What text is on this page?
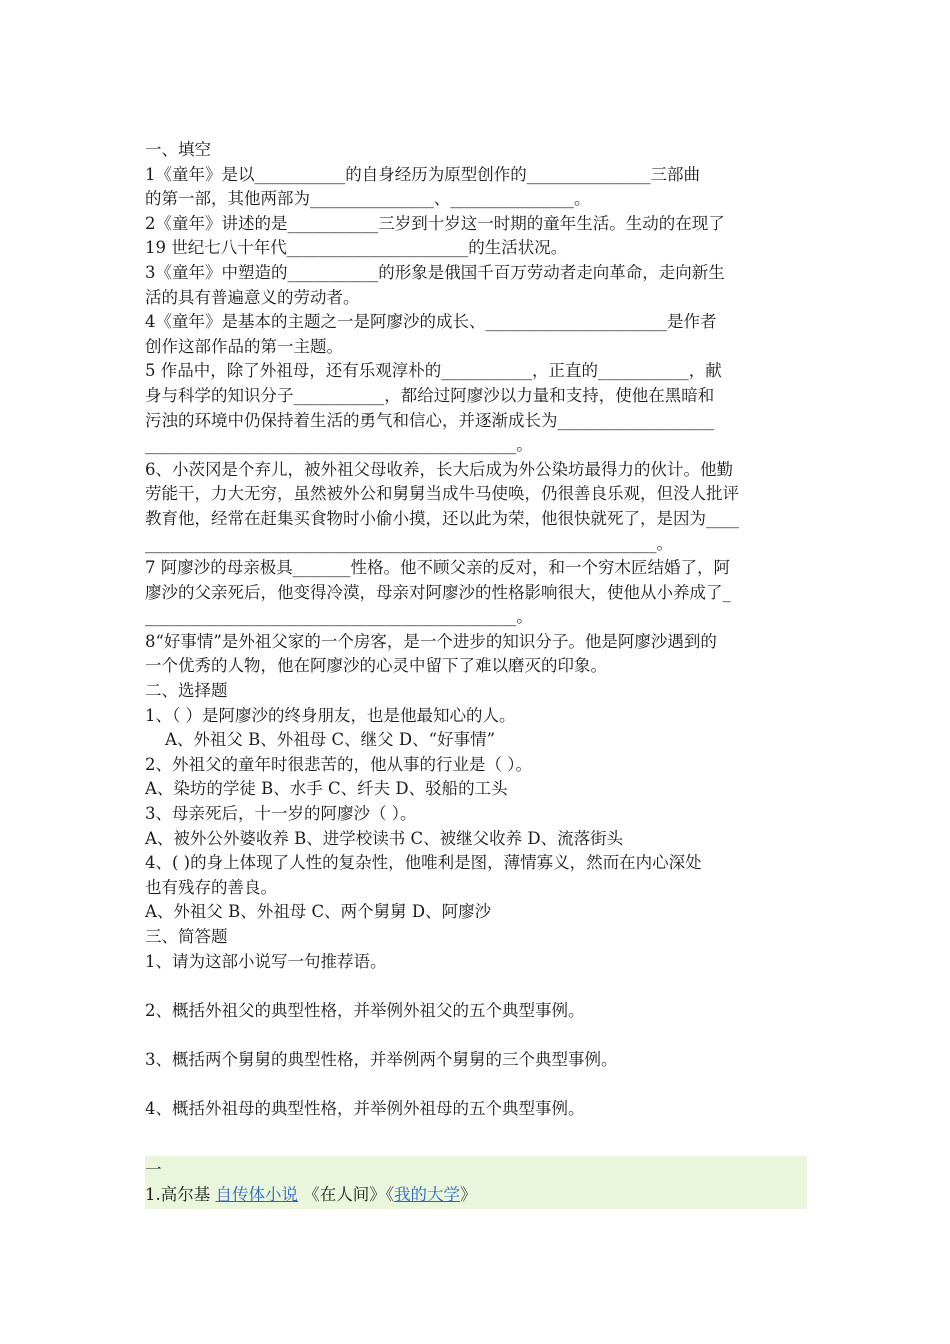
一、填空
1《童年》是以___________的自身经历为原型创作的_______________三部曲
的第一部，其他两部为_______________、_______________。
2《童年》讲述的是___________三岁到十岁这一时期的童年生活。生动的在现了
19 世纪七八十年代______________________的生活状况。
3《童年》中塑造的___________的形象是俄国千百万劳动者走向革命，走向新生
活的具有普遍意义的劳动者。
4《童年》是基本的主题之一是阿廖沙的成长、______________________是作者
创作这部作品的第一主题。
5 作品中，除了外祖母，还有乐观淳朴的___________，正直的___________，献
身与科学的知识分子___________，都给过阿廖沙以力量和支持，使他在黑暗和
污浊的环境中仍保持着生活的勇气和信心，并逐渐成长为___________________
_____________________________________________。
6、小茨冈是个弃儿，被外祖父母收养，长大后成为外公染坊最得力的伙计。他勤
劳能干，力大无穷，虽然被外公和舅舅当成牛马使唤，仍很善良乐观，但没人批评
教育他，经常在赶集买食物时小偷小摸，还以此为荣，他很快就死了，是因为____
______________________________________________________________。
7 阿廖沙的母亲极具_______性格。他不顾父亲的反对，和一个穷木匠结婚了，阿
廖沙的父亲死后，他变得冷漠，母亲对阿廖沙的性格影响很大，使他从小养成了_
_____________________________________________。
8“好事情”是外祖父家的一个房客，是一个进步的知识分子。他是阿廖沙遇到的
一个优秀的人物，他在阿廖沙的心灵中留下了难以磨灭的印象。
二、选择题
1、（ ）是阿廖沙的终身朋友，也是他最知心的人。
A、外祖父 B、外祖母 C、继父 D、“好事情”
2、外祖父的童年时很悲苦的，他从事的行业是（ ）。
A、染坊的学徒 B、水手 C、纤夫 D、驳船的工头
3、母亲死后，十一岁的阿廖沙（ ）。
A、被外公外婆收养 B、进学校读书 C、被继父收养 D、流落街头
4、( )的身上体现了人性的复杂性，他唯利是图，薄情寡义，然而在内心深处
也有残存的善良。
A、外祖父 B、外祖母 C、两个舅舅 D、阿廖沙
三、简答题
1、请为这部小说写一句推荐语。
2、概括外祖父的典型性格，并举例外祖父的五个典型事例。
3、概括两个舅舅的典型性格，并举例两个舅舅的三个典型事例。
4、概括外祖母的典型性格，并举例外祖母的五个典型事例。
一
1.高尔基 自传体小说 《在人间》《我的大学》
